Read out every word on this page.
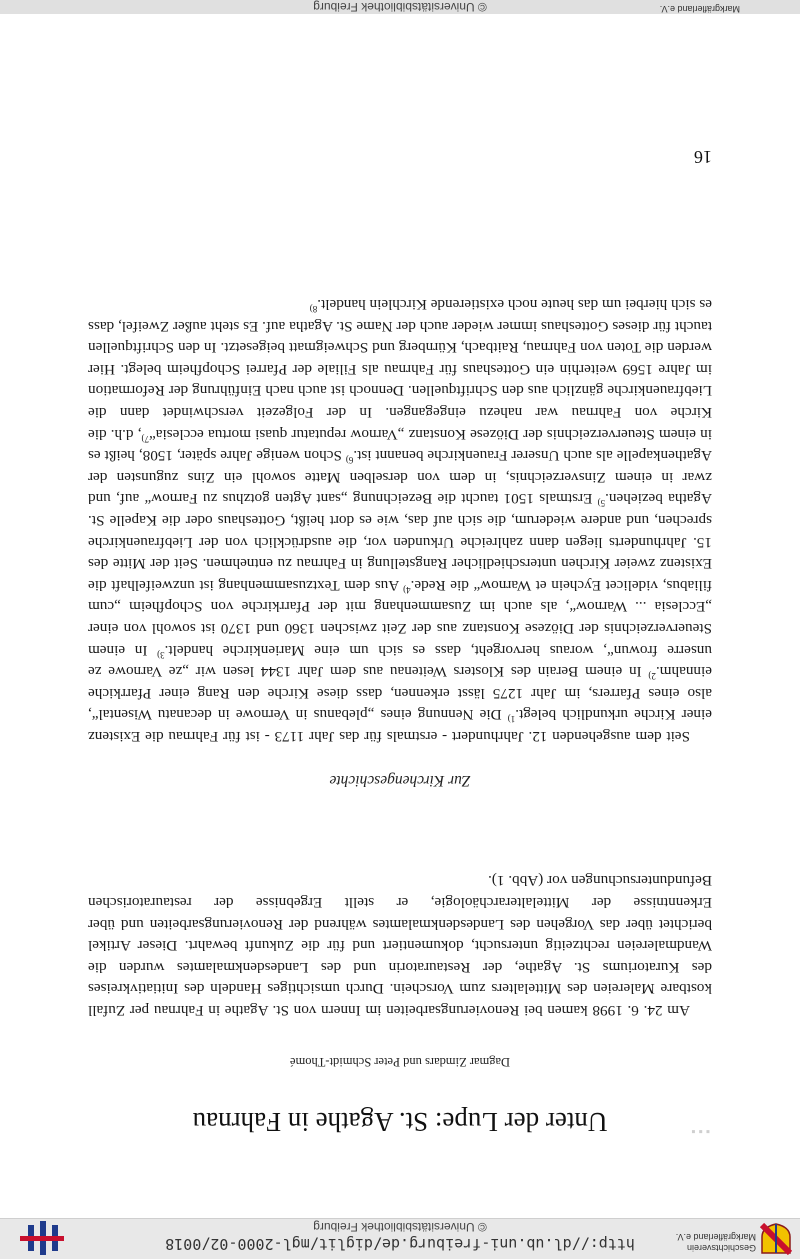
Geschichtsverein
Markgräflerland e.V.
http://dl.ub.uni-freiburg.de/diglit/mgl-2000-02/0018
© Universitätsbibliothek Freiburg
Unter der Lupe: St. Agathe in Fahrnau
Dagmar Zimdars und Peter Schmidt-Thomé
▪ ▪ ▪

Am 24. 6. 1998 kamen bei Renovierungsarbeiten im Innern von St. Agathe in Fahrnau per Zufall kostbare Malereien des Mittelalters zum Vorschein. Durch umsichtiges Handeln des Initiativkreises des Kuratoriums St. Agathe, der Restauratorin und des Landesdenkmalamtes wurden die Wandmalereien rechtzeitig untersucht, dokumentiert und für die Zukunft bewahrt. Dieser Artikel berichtet über das Vorgehen des Landesdenkmalamtes während der Renovierungsarbeiten und über Erkenntnisse der Mittelalterarchäologie, er stellt Ergebnisse der restauratorischen Befunduntersuchungen vor (Abb. 1).

Zur Kirchengeschichte

Seit dem ausgehenden 12. Jahrhundert - erstmals für das Jahr 1173 - ist für Fahrnau die Existenz einer Kirche urkundlich belegt.$^{1)}$ Die Nennung eines „plebanus in Vernowe in decanatu Wisental“, also eines Pfarrers, im Jahr 1275 lässt erkennen, dass diese Kirche den Rang einer Pfarrkiche einnahm.$^{2)}$ In einem Berain des Klosters Weitenau aus dem Jahr 1344 lesen wir „ze Varnowe ze unserre frowun“, woraus hervorgeht, dass es sich um eine Marienkirche handelt.$^{3)}$ In einem Steuerverzeichnis der Diözese Konstanz aus der Zeit zwischen 1360 und 1370 ist sowohl von einer „Ecclesia ... Warnow“, als auch im Zusammenhang mit der Pfarrkirche von Schopfheim „cum filiabus, videlicet Eychein et Warnow“ die Rede.$^{4)}$ Aus dem Textzusammenhang ist unzweifelhaft die Existenz zweier Kirchen unterschiedlicher Rangstellung in Fahrnau zu entnehmen. Seit der Mitte des 15. Jahrhunderts liegen dann zahlreiche Urkunden vor, die ausdrücklich von der Liebfrauenkirche sprechen, und andere wiederum, die sich auf das, wie es dort heißt, Gotteshaus oder die Kapelle St. Agatha beziehen.$^{5)}$ Erstmals 1501 taucht die Bezeichnung „sant Agten gotzhus zu Farnow“ auf, und zwar in einem Zinsverzeichnis, in dem von derselben Matte sowohl ein Zins zugunsten der Agathenkapelle als auch Unserer Frauenkirche benannt ist.$^{6)}$ Schon wenige Jahre später, 1508, heißt es in einem Steuerverzeichnis der Diözese Konstanz „Varnow reputatur quasi mortua ecclesia“$^{7)}$, d.h. die Kirche von Fahrnau war nahezu eingegangen. In der Folgezeit verschwindet dann die Liebfrauenkirche gänzlich aus den Schriftquellen. Dennoch ist auch nach Einführung der Reformation im Jahre 1569 weiterhin ein Gotteshaus für Fahrnau als Filiale der Pfarrei Schopfheim belegt. Hier werden die Toten von Fahrnau, Raitbach, Kürnberg und Schweigmatt beigesetzt. In den Schriftquellen taucht für dieses Gotteshaus immer wieder auch der Name St. Agatha auf. Es steht außer Zweifel, dass es sich hierbei um das heute noch existierende Kirchlein handelt.$^{8)}$

16
© Universitätsbibliothek Freiburg	Markgräflerland e.V.
